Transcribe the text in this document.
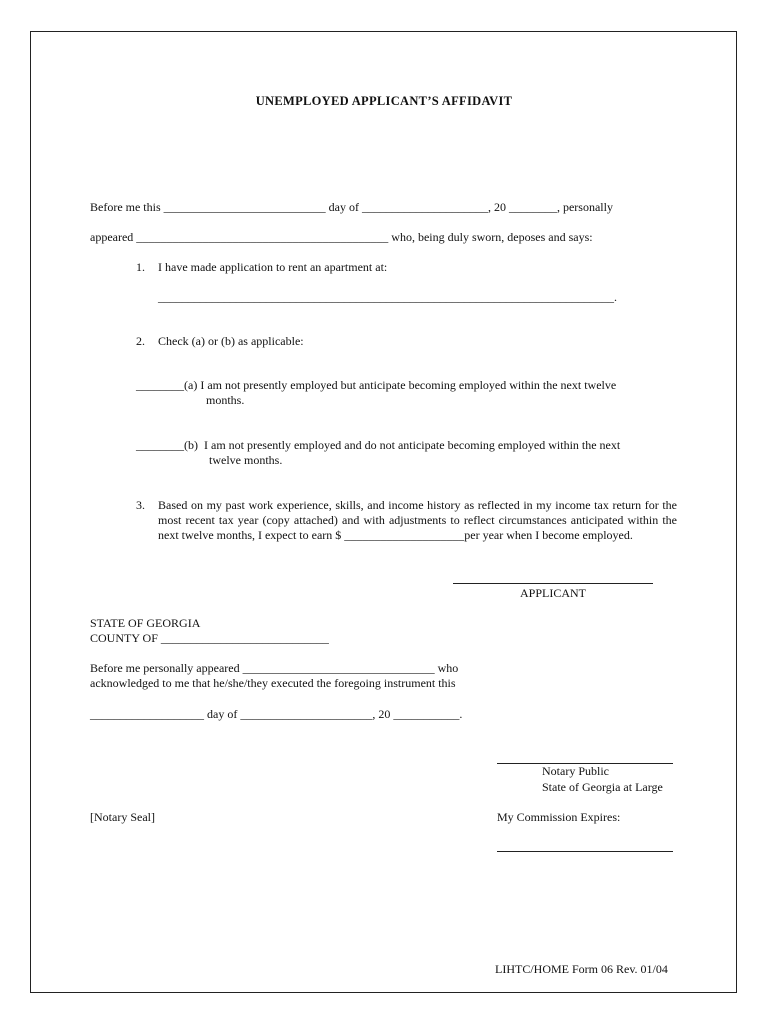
UNEMPLOYED APPLICANT’S AFFIDAVIT
Before me this ___________________________ day of _____________________, 20 ________, personally
appeared __________________________________________ who, being duly sworn, deposes and says:
1. I have made application to rent an apartment at:
____________________________________________________________________________.
2. Check (a) or (b) as applicable:
________(a) I am not presently employed but anticipate becoming employed within the next twelve
months.
________(b)  I am not presently employed and do not anticipate becoming employed within the next
twelve months.
3. Based on my past work experience, skills, and income history as reflected in my income tax return for the most recent tax year (copy attached) and with adjustments to reflect circumstances anticipated within the next twelve months, I expect to earn $ ____________________per year when I become employed.
APPLICANT
STATE OF GEORGIA
COUNTY OF ____________________________
Before me personally appeared ________________________________ who
acknowledged to me that he/she/they executed the foregoing instrument this
___________________ day of ______________________, 20 ___________.
Notary Public
State of Georgia at Large
[Notary Seal]	My Commission Expires:
LIHTC/HOME Form 06 Rev. 01/04
